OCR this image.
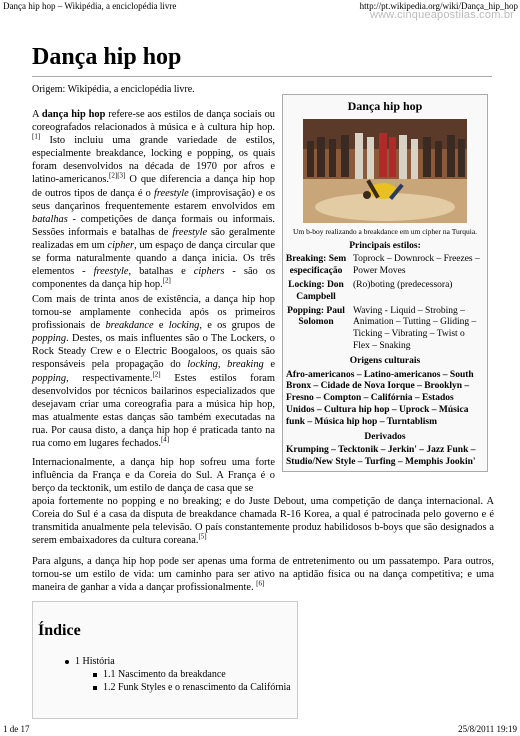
Dança hip hop – Wikipédia, a enciclopédia livre	http://pt.wikipedia.org/wiki/Dança_hip_hop
www.cinqueapostilas.com.br
Dança hip hop
Origem: Wikipédia, a enciclopédia livre.
A dança hip hop refere-se aos estilos de dança sociais ou coreografados relacionados à música e à cultura hip hop.[1] Isto incluiu uma grande variedade de estilos, especialmente breakdance, locking e popping, os quais foram desenvolvidos na década de 1970 por afros e latino-americanos.[2][3] O que diferencia a dança hip hop de outros tipos de dança é o freestyle (improvisação) e os seus dançarinos frequentemente estarem envolvidos em batalhas - competições de dança formais ou informais. Sessões informais e batalhas de freestyle são geralmente realizadas em um cipher, um espaço de dança circular que se forma naturalmente quando a dança inicia. Os três elementos - freestyle, batalhas e ciphers - são os componentes da dança hip hop.[2]
Com mais de trinta anos de existência, a dança hip hop tornou-se amplamente conhecida após os primeiros profissionais de breakdance e locking, e os grupos de popping. Destes, os mais influentes são o The Lockers, o Rock Steady Crew e o Electric Boogaloos, os quais são responsáveis pela propagação do locking, breaking e popping, respectivamente.[2] Estes estilos foram desenvolvidos por técnicos bailarinos especializados que desejavam criar uma coreografia para a música hip hop, mas atualmente estas danças são também executadas na rua. Por causa disto, a dança hip hop é praticada tanto na rua como em lugares fechados.[4]
Internacionalmente, a dança hip hop sofreu uma forte influência da França e da Coreia do Sul. A França é o berço da tecktonik, um estilo de dança de casa que se
apoia fortemente no popping e no breaking; e do Juste Debout, uma competição de dança internacional. A Coreia do Sul é a casa da disputa de breakdance chamada R-16 Korea, a qual é patrocinada pelo governo e é transmitida anualmente pela televisão. O país constantemente produz habilidosos b-boys que são designados a serem embaixadores da cultura coreana.[5]
Para alguns, a dança hip hop pode ser apenas uma forma de entretenimento ou um passatempo. Para outros, tornou-se um estilo de vida: um caminho para ser ativo na aptidão física ou na dança competitiva; e uma maneira de ganhar a vida a dançar profissionalmente. [6]
Dança hip hop
Um b-boy realizando a breakdance em um cipher na Turquia.
Principais estilos:
Breaking: Sem especificação
Toprock – Downrock – Freezes – Power Moves
Locking: Don Campbell
(Ro)boting (predecessora)
Popping: Paul Solomon
Waving - Liquid – Strobing – Animation – Tutting – Gliding – Ticking – Vibrating – Twist o Flex – Snaking
Origens culturais
Afro-americanos – Latino-americanos – South Bronx – Cidade de Nova Iorque – Brooklyn – Fresno – Compton – Califórnia – Estados Unidos – Cultura hip hop – Uprock – Música funk – Música hip hop – Turntablism
Derivados
Krumping – Tecktonik – Jerkin' – Jazz Funk – Studio/New Style – Turfing – Memphis Jookin'
Índice
1 História
1.1 Nascimento da breakdance
1.2 Funk Styles e o renascimento da Califórnia
1 de 17	25/8/2011 19:19
